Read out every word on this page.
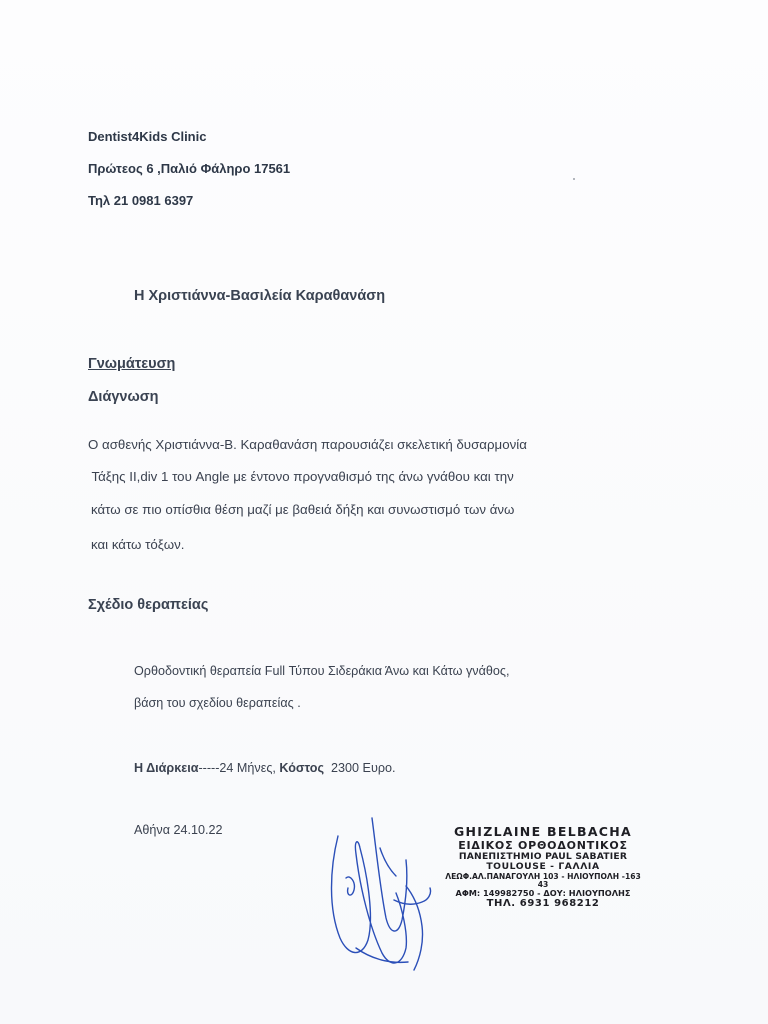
Dentist4Kids Clinic
Πρώτεος 6 ,Παλιό Φάληρο 17561
Τηλ 21 0981 6397
Η Χριστιάννα-Βασιλεία Καραθανάση
Γνωμάτευση
Διάγνωση
Ο ασθενής Χριστιάννα-Β. Καραθανάση παρουσιάζει σκελετική δυσαρμονία
Τάξης ΙΙ,div 1 του Angle με έντονο προγναθισμό της άνω γνάθου και την
κάτω σε πιο οπίσθια θέση μαζί με βαθειά δήξη και συνωστισμό των άνω
και κάτω τόξων.
Σχέδιο θεραπείας
Ορθοδοντική θεραπεία Full Τύπου Σιδεράκια Άνω και Κάτω γνάθος,
βάση του σχεδίου θεραπείας .
Η Διάρκεια-----24 Μήνες, Κόστος 2300 Ευρο.
Αθήνα 24.10.22	GHIZLAINE BELBACHA
ΕΙΔΙΚΟΣ ΟΡΘΟΔΟΝΤΙΚΟΣ
ΠΑΝΕΠΙΣΤΗΜΙΟ PAUL SABATIER
TOULOUSE - ΓΑΛΛΙΑ
ΛΕΩΦ.ΑΛ.ΠΑΝΑΓΟΥΛΗ 103 - ΗΛΙΟΥΠΟΛΗ -163 43
ΑΦΜ: 149982750 - ΔΟΥ: ΗΛΙΟΥΠΟΛΗΣ
ΤΗΛ. 6931 968212
